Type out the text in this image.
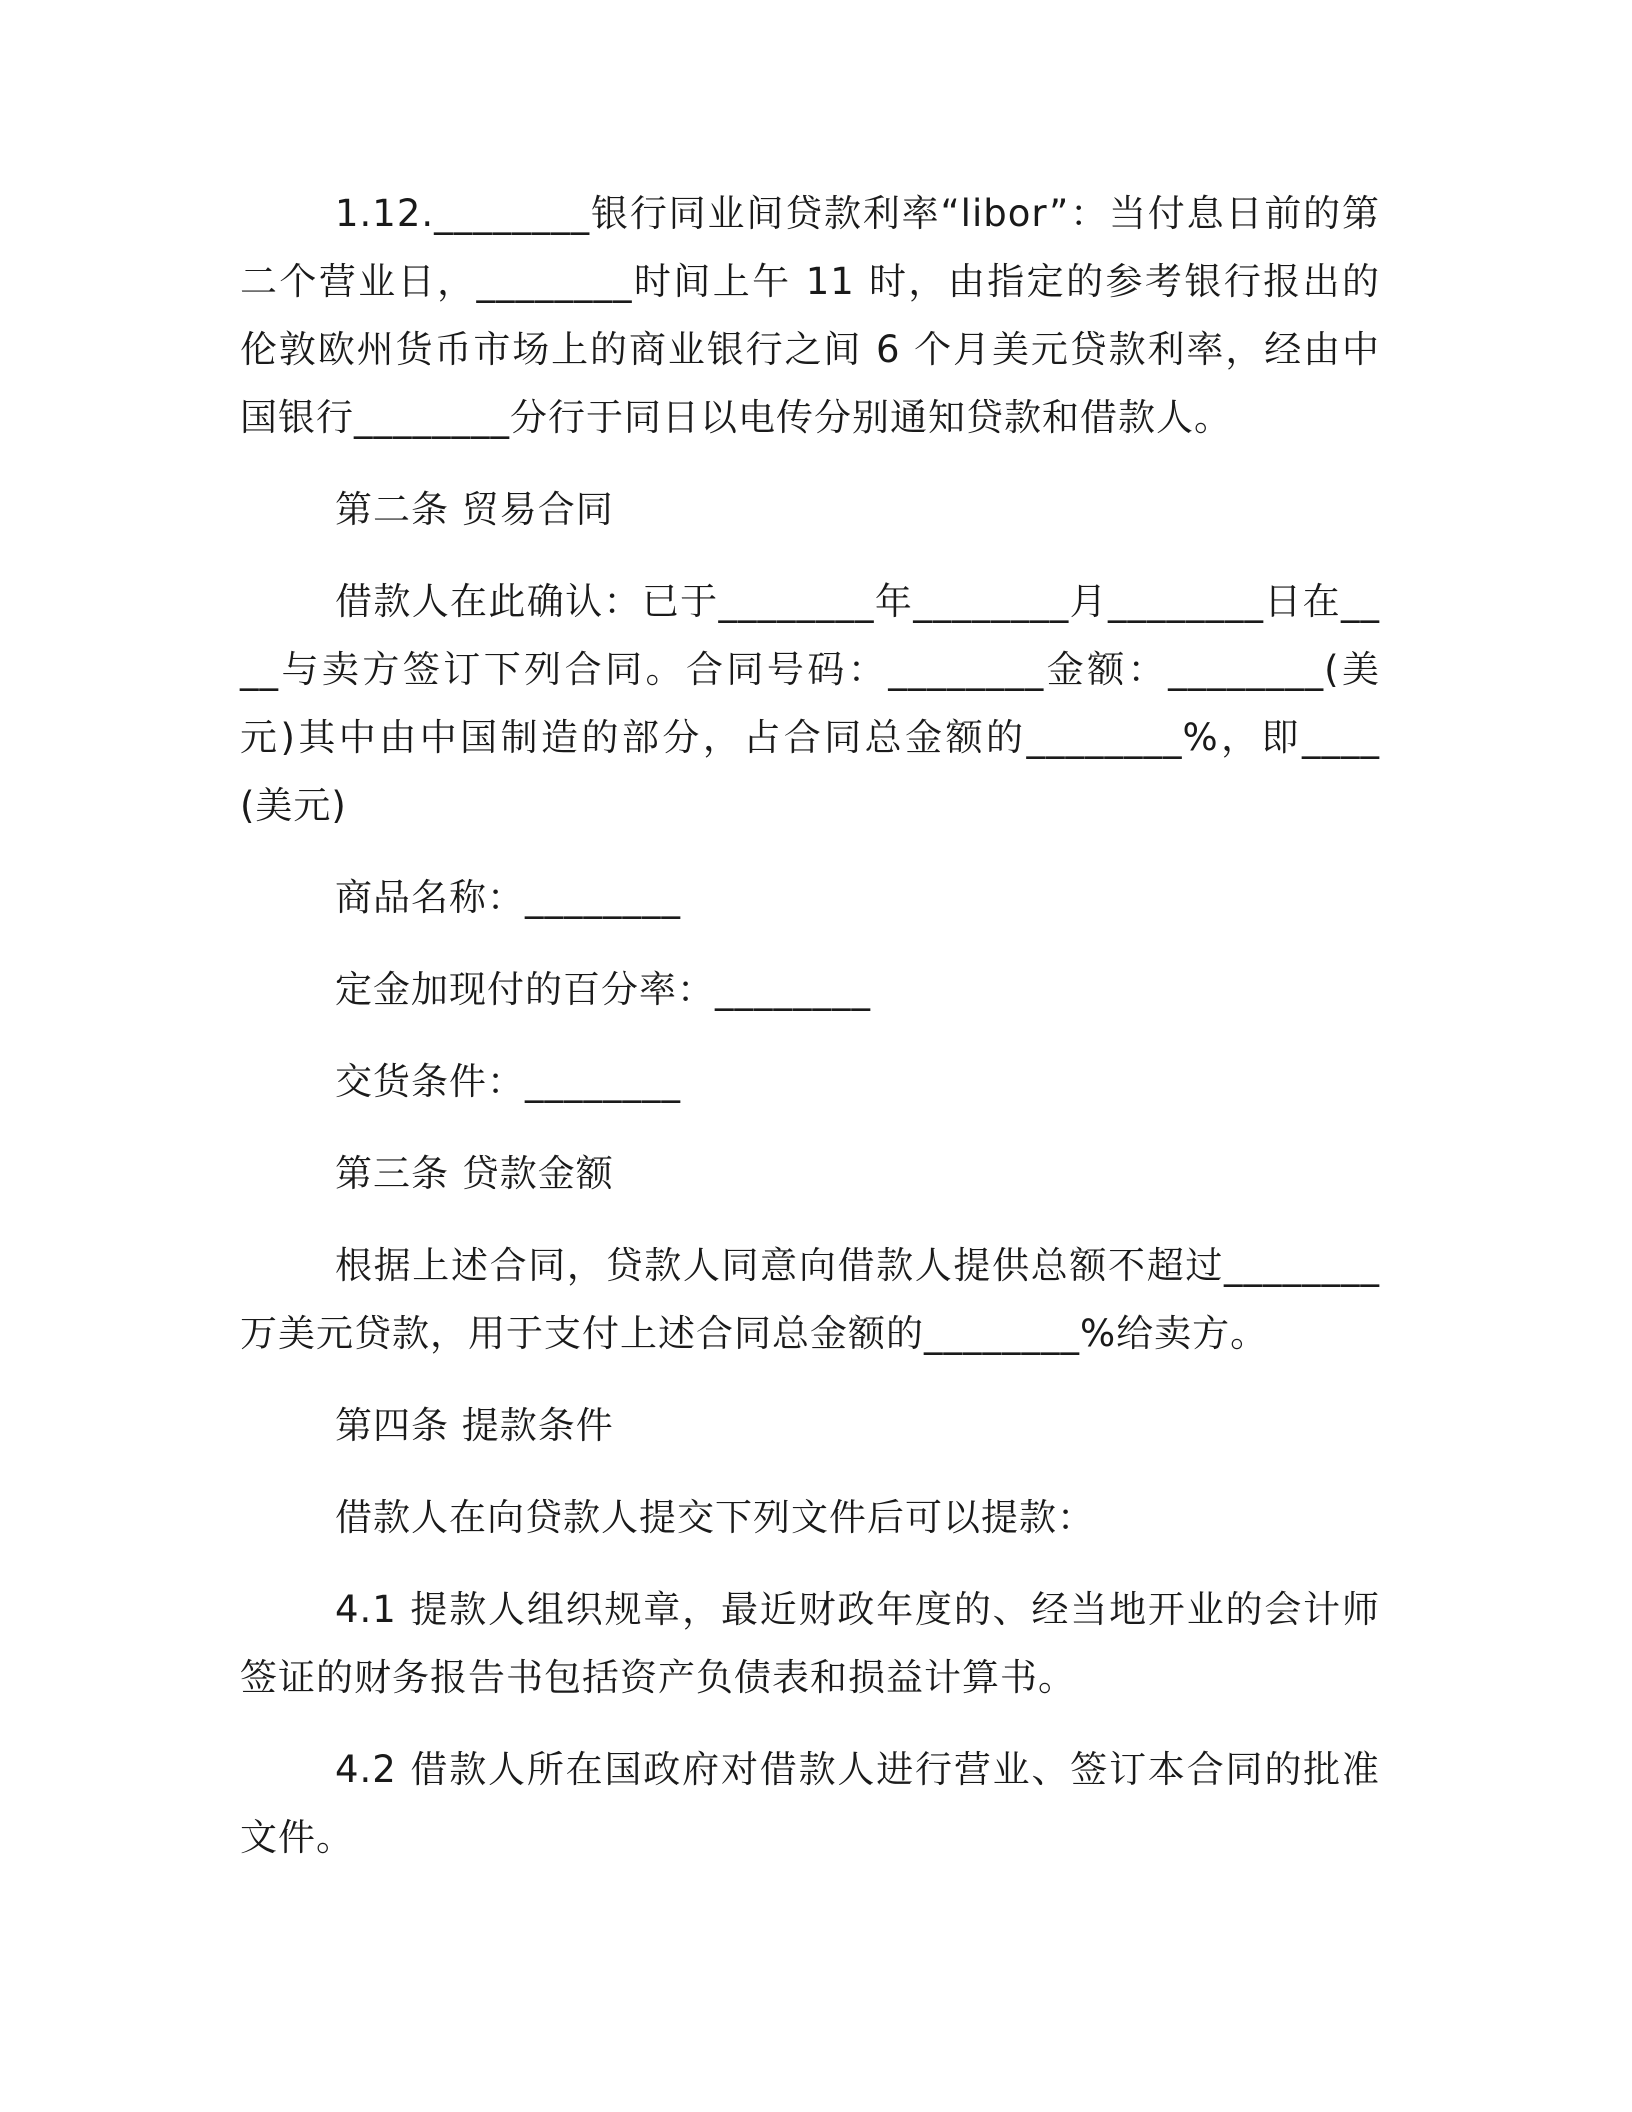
1.12.________银行同业间贷款利率“libor”：当付息日前的第二个营业日，________时间上午 11 时，由指定的参考银行报出的伦敦欧州货币市场上的商业银行之间 6 个月美元贷款利率，经由中国银行________分行于同日以电传分别通知贷款和借款人。

第二条 贸易合同

借款人在此确认：已于________年________月________日在____与卖方签订下列合同。合同号码：________金额：________(美元)其中由中国制造的部分，占合同总金额的________%，即____ (美元)

商品名称：________

定金加现付的百分率：________

交货条件：________

第三条 贷款金额

根据上述合同，贷款人同意向借款人提供总额不超过________万美元贷款，用于支付上述合同总金额的________%给卖方。

第四条 提款条件

借款人在向贷款人提交下列文件后可以提款：

4.1 提款人组织规章，最近财政年度的、经当地开业的会计师签证的财务报告书包括资产负债表和损益计算书。

4.2 借款人所在国政府对借款人进行营业、签订本合同的批准文件。
